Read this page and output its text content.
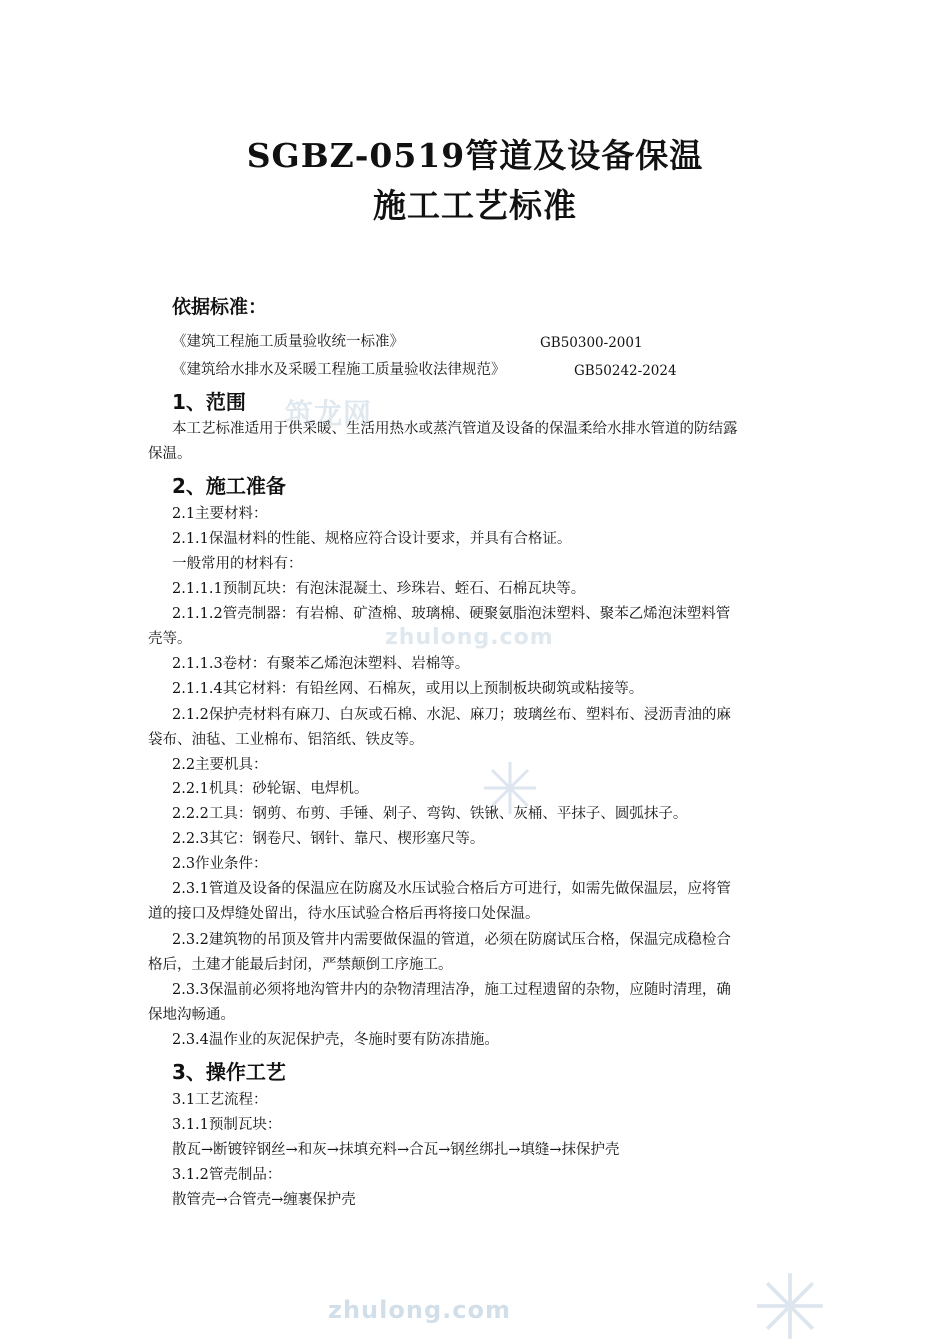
筑龙网
zhulong.com
zhulong.com
SGBZ-0519管道及设备保温
施工工艺标准
依据标准：
《建筑工程施工质量验收统一标准》	GB50300-2001
《建筑给水排水及采暖工程施工质量验收法律规范》	GB50242-2024
1、范围
本工艺标准适用于供采暖、生活用热水或蒸汽管道及设备的保温柔给水排水管道的防结露
保温。
2、施工准备
2.1主要材料：
2.1.1保温材料的性能、规格应符合设计要求，并具有合格证。
一般常用的材料有：
2.1.1.1预制瓦块：有泡沫混凝土、珍珠岩、蛭石、石棉瓦块等。
2.1.1.2管壳制器：有岩棉、矿渣棉、玻璃棉、硬聚氨脂泡沫塑料、聚苯乙烯泡沫塑料管
壳等。
2.1.1.3卷材：有聚苯乙烯泡沫塑料、岩棉等。
2.1.1.4其它材料：有铅丝网、石棉灰，或用以上预制板块砌筑或粘接等。
2.1.2保护壳材料有麻刀、白灰或石棉、水泥、麻刀；玻璃丝布、塑料布、浸沥青油的麻
袋布、油毡、工业棉布、铝箔纸、铁皮等。
2.2主要机具：
2.2.1机具：砂轮锯、电焊机。
2.2.2工具：钢剪、布剪、手锤、剁子、弯钩、铁锹、灰桶、平抹子、圆弧抹子。
2.2.3其它：钢卷尺、钢针、靠尺、楔形塞尺等。
2.3作业条件：
2.3.1管道及设备的保温应在防腐及水压试验合格后方可进行，如需先做保温层，应将管
道的接口及焊缝处留出，待水压试验合格后再将接口处保温。
2.3.2建筑物的吊顶及管井内需要做保温的管道，必须在防腐试压合格，保温完成稳检合
格后，土建才能最后封闭，严禁颠倒工序施工。
2.3.3保温前必须将地沟管井内的杂物清理洁净，施工过程遗留的杂物，应随时清理，确
保地沟畅通。
2.3.4温作业的灰泥保护壳，冬施时要有防冻措施。
3、操作工艺
3.1工艺流程：
3.1.1预制瓦块：
散瓦→断镀锌钢丝→和灰→抹填充料→合瓦→钢丝绑扎→填缝→抹保护壳
3.1.2管壳制品：
散管壳→合管壳→缠裹保护壳
